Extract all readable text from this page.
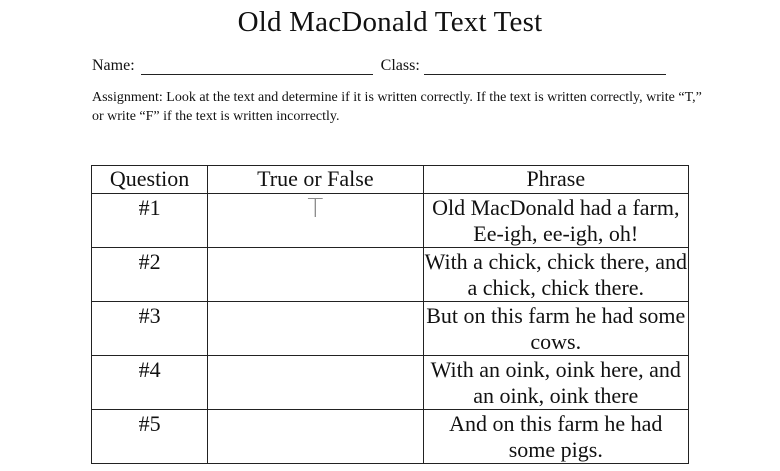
Old MacDonald Text Test
Name:	Class:
Assignment: Look at the text and determine if it is written correctly. If the text is written correctly, write “T,” or write “F” if the text is written incorrectly.
Question	True or False	Phrase

#1	T	Old MacDonald had a farm, Ee-igh, ee-igh, oh!

#2		With a chick, chick there, and a chick, chick there.

#3		But on this farm he had some cows.

#4		With an oink, oink here, and an oink, oink there

#5		And on this farm he had some pigs.
